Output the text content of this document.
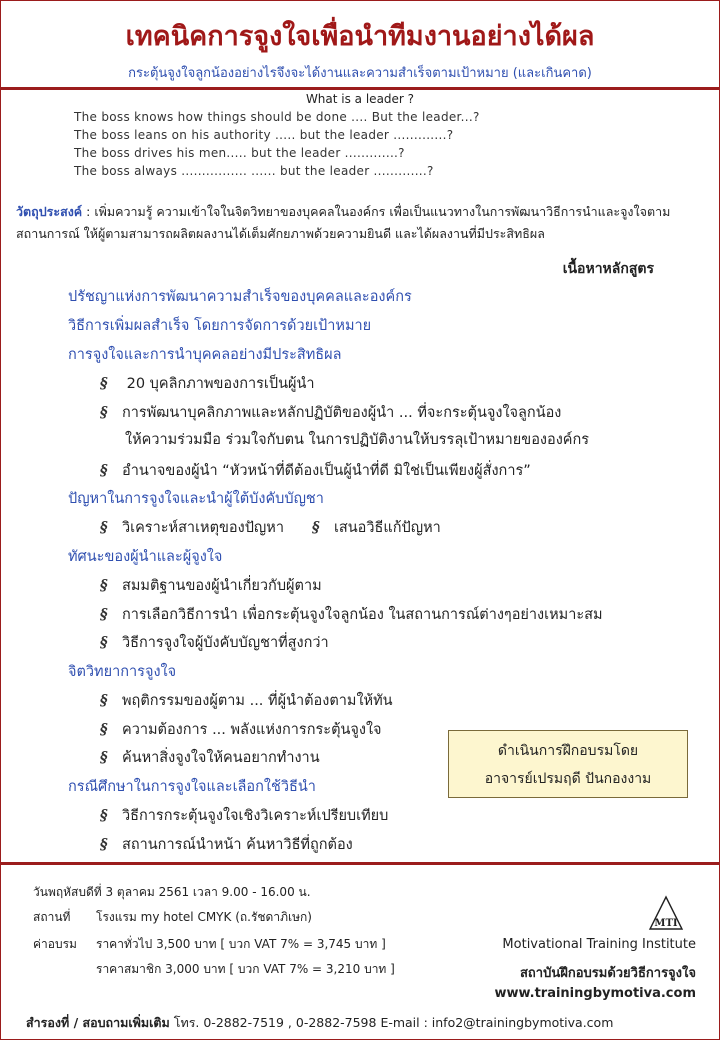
เทคนิคการจูงใจเพื่อนำทีมงานอย่างได้ผล
กระตุ้นจูงใจลูกน้องอย่างไรจึงจะได้งานและความสำเร็จตามเป้าหมาย (และเกินคาด)
What is a leader ?
The boss knows how things should be done .... But the leader...?
The boss leans on his authority ..... but the leader .............?
The boss drives his men..... but the leader .............?
The boss always ................ ...... but the leader .............?
วัตถุประสงค์ : เพิ่มความรู้ ความเข้าใจในจิตวิทยาของบุคคลในองค์กร เพื่อเป็นแนวทางในการพัฒนาวิธีการนำและจูงใจตามสถานการณ์ ให้ผู้ตามสามารถผลิตผลงานได้เต็มศักยภาพด้วยความยินดี และได้ผลงานที่มีประสิทธิผล
เนื้อหาหลักสูตร
ปรัชญาแห่งการพัฒนาความสำเร็จของบุคคลและองค์กร
วิธีการเพิ่มผลสำเร็จ โดยการจัดการด้วยเป้าหมาย
การจูงใจและการนำบุคคลอย่างมีประสิทธิผล
§ 20 บุคลิกภาพของการเป็นผู้นำ
§ การพัฒนาบุคลิกภาพและหลักปฏิบัติของผู้นำ ... ที่จะกระตุ้นจูงใจลูกน้อง
ให้ความร่วมมือ ร่วมใจกับตน ในการปฏิบัติงานให้บรรลุเป้าหมายขององค์กร
§ อำนาจของผู้นำ “หัวหน้าที่ดีต้องเป็นผู้นำที่ดี มิใช่เป็นเพียงผู้สั่งการ”
ปัญหาในการจูงใจและนำผู้ใต้บังคับบัญชา
§ วิเคราะห์สาเหตุของปัญหา § เสนอวิธีแก้ปัญหา
ทัศนะของผู้นำและผู้จูงใจ
§ สมมติฐานของผู้นำเกี่ยวกับผู้ตาม
§ การเลือกวิธีการนำ เพื่อกระตุ้นจูงใจลูกน้อง ในสถานการณ์ต่างๆอย่างเหมาะสม
§ วิธีการจูงใจผู้บังคับบัญชาที่สูงกว่า
จิตวิทยาการจูงใจ
§ พฤติกรรมของผู้ตาม ... ที่ผู้นำต้องตามให้ทัน
§ ความต้องการ ... พลังแห่งการกระตุ้นจูงใจ
§ ค้นหาสิ่งจูงใจให้คนอยากทำงาน
กรณีศึกษาในการจูงใจและเลือกใช้วิธีนำ
§ วิธีการกระตุ้นจูงใจเชิงวิเคราะห์เปรียบเทียบ
§ สถานการณ์นำหน้า ค้นหาวิธีที่ถูกต้อง
ดำเนินการฝึกอบรมโดย
อาจารย์เปรมฤดี ปันกองงาม
วันพฤหัสบดีที่ 3 ตุลาคม 2561 เวลา 9.00 - 16.00 น.
สถานที่ โรงแรม my hotel CMYK (ถ.รัชดาภิเษก)
ค่าอบรม ราคาทั่วไป 3,500 บาท [ บวก VAT 7% = 3,745 บาท ]
ราคาสมาชิก 3,000 บาท [ บวก VAT 7% = 3,210 บาท ]
MTI
Motivational Training Institute
สถาบันฝึกอบรมด้วยวิธีการจูงใจ
www.trainingbymotiva.com
สำรองที่ / สอบถามเพิ่มเติม โทร. 0-2882-7519 , 0-2882-7598 E-mail : info2@trainingbymotiva.com
